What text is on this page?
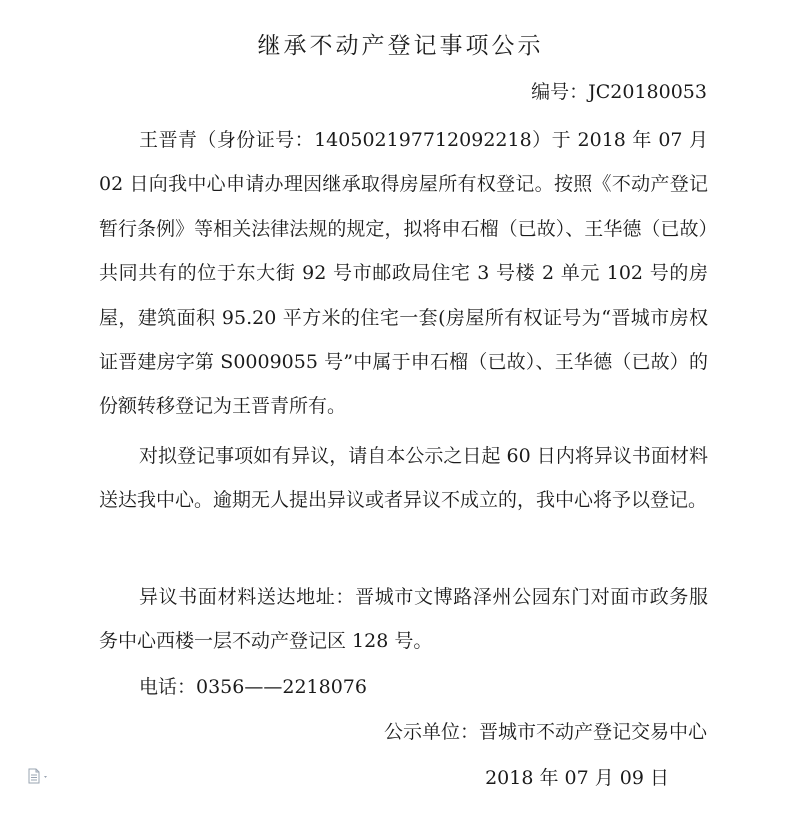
继承不动产登记事项公示
编号：JC20180053

王晋青（身份证号：140502197712092218）于 2018 年 07 月 02 日向我中心申请办理因继承取得房屋所有权登记。按照《不动产登记暂行条例》等相关法律法规的规定，拟将申石榴（已故）、王华德（已故）共同共有的位于东大街 92 号市邮政局住宅 3 号楼 2 单元 102 号的房屋，建筑面积 95.20 平方米的住宅一套(房屋所有权证号为“晋城市房权证晋建房字第 S0009055 号”中属于申石榴（已故）、王华德（已故）的份额转移登记为王晋青所有。

对拟登记事项如有异议，请自本公示之日起 60 日内将异议书面材料送达我中心。逾期无人提出异议或者异议不成立的，我中心将予以登记。

异议书面材料送达地址：晋城市文博路泽州公园东门对面市政务服务中心西楼一层不动产登记区 128 号。

电话：0356——2218076

公示单位：晋城市不动产登记交易中心
2018 年 07 月 09 日
